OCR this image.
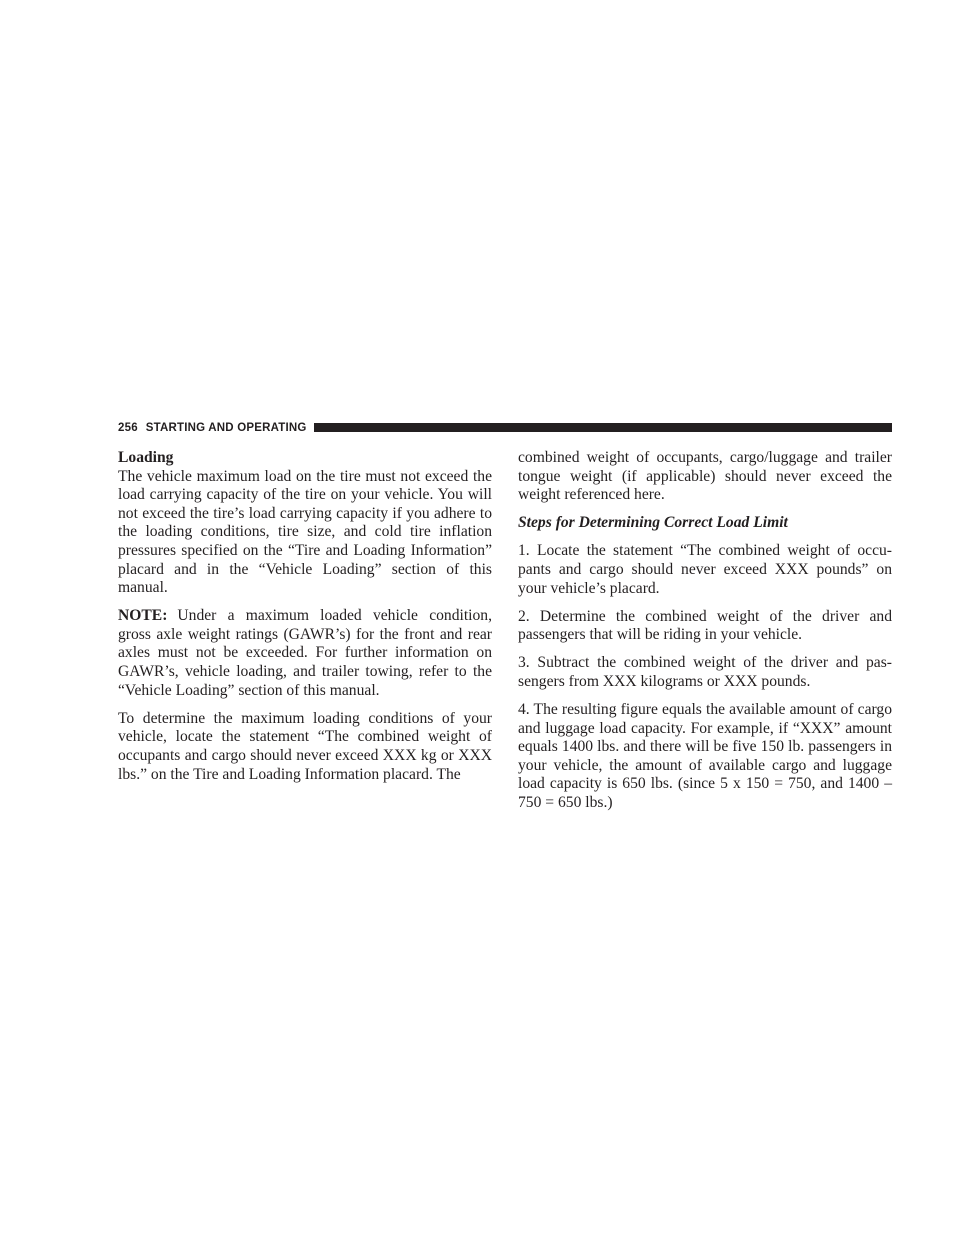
256 STARTING AND OPERATING
Loading

The vehicle maximum load on the tire must not exceed the load carrying capacity of the tire on your vehicle. You will not exceed the tire’s load carrying capacity if you adhere to the loading conditions, tire size, and cold tire inflation pressures specified on the “Tire and Loading Information” placard and in the “Vehicle Loading” section of this manual.

NOTE: Under a maximum loaded vehicle condition, gross axle weight ratings (GAWR’s) for the front and rear axles must not be exceeded. For further information on GAWR’s, vehicle loading, and trailer towing, refer to the “Vehicle Loading” section of this manual.

To determine the maximum loading conditions of your vehicle, locate the statement “The combined weight of occupants and cargo should never exceed XXX kg or XXX lbs.” on the Tire and Loading Information placard. The

combined weight of occupants, cargo/luggage and trailer tongue weight (if applicable) should never exceed the weight referenced here.

Steps for Determining Correct Load Limit

1. Locate the statement “The combined weight of occupants and cargo should never exceed XXX pounds” on your vehicle’s placard.

2. Determine the combined weight of the driver and passengers that will be riding in your vehicle.

3. Subtract the combined weight of the driver and passengers from XXX kilograms or XXX pounds.

4. The resulting figure equals the available amount of cargo and luggage load capacity. For example, if “XXX” amount equals 1400 lbs. and there will be five 150 lb. passengers in your vehicle, the amount of available cargo and luggage load capacity is 650 lbs. (since 5 x 150 = 750, and 1400 – 750 = 650 lbs.)
